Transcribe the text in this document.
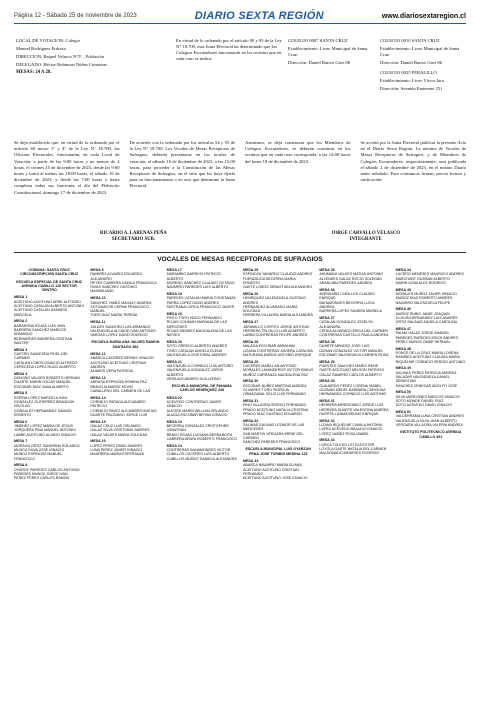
Página 12 - Sábado 25 de noviembre de 2023	DIARIO SEXTA REGIÓN	www.diariosextaregion.cl

LOCAL DE VOTACION: Colegio

Manuel Rodríguez Erdoiza

DIRECCION: Raquel Velasco N°5° , Población

DELEGADO: Héctor Robinson Núñez Contreras.

MESAS: 24 A 28.

En virtud de lo ordenado por el artículo 90 y 95 de la Ley N° 18.700, esta Junta Electoral ha determinado que los Colegios Escrutadores funcionarán en los recintos que en cada caso se indica:

COLEGIO 0007 SANTA CRUZ

Establecimiento: Liceo Municipal de Santa Cruz.

Dirección: Daniel Barros Grez 86

COLEGIO 0010 SANTA CRUZ

Establecimiento: Liceo Municipal de Santa Cruz.

Dirección: Daniel Barros Grez 86

COLEGIO 0025 PERALILLO

Establecimiento: Liceo Víctor Jara.

Dirección: Avenida Eminente 251

Se deja establecido que, en virtud de lo ordenado por el artículo 60 inciso 1° y 4° de la Ley N° 18.700, las Oficinas Electorales, funcionarán, en cada Local de Votación, a partir de las 9:00 horas y no menos de 4 horas, el viernes 15 de diciembre de 2023, desde las 9:00 horas y hasta al menos las 18:00 horas, el sábado 16 de diciembre de 2023, y desde las 7:00 horas y hasta completar todas sus funciones el día del Plebiscito Constitucional, domingo 17 de diciembre de 2023.

De acuerdo con lo ordenado por los artículos 54 y 55 de la Ley N° 18.700, Los Vocales de Mesas Receptoras de Sufragios, deberán presentarse en los locales de votación, el sábado 16 de diciembre de 2023, a las 15:00 horas, para proceder a la Constitución de las Mesas Receptoras de Sufragios, en el sitio que les haya fijado para su funcionamiento o en otro que determine la Junta Electoral.

Asimismo, se deja constancia que los Miembros de Colegios Escrutadores, se deberán constituir en los recintos que en cada caso corresponda, a las 14:00 horas del lunes 18 de diciembre de 2023.

Se acordó por la Junta Electoral publicar la presente Acta en el Diario Sexta Región. La nómina de Vocales de Mesas Receptoras de Sufragios, y de Miembros de Colegios Escrutadores, respectivamente, será publicada el sábado 2 de diciembre de 2023, en el mismo Diario antes señalado. Para constancia firman, previa lectura y ratificación:

RICARDO A. LARENAS PEÑA
SECRETARIO SUB.
JORGE CARVALLO VELASCO
INTEGRANTE
VOCALES DE MESAS RECEPTORAS DE SUFRAGIOS
COMUNA: SANTA CRUZ
CIRCUNSCRIPCIÓN SANTA CRUZ
ESCUELA ESPECIAL DE SANTA CRUZ AVENIDA CABILLO 118 SECTOR CENTRO
MESA 1
ACEITUNO ACEITUNO ARIEL ALFONSO
ACEITUNO CATALAN ALBERTO ANTONIO
ACEITUNO CATALAN DAMARIS MARCELA
MESA 2
BARAHONA ROJAS LUIS IVAN
BARRERA SANCHEZ MARCOS ARMANDO
BERNARDES BARRERA CRISTIAN WALTER
MESA 3
CASTRO SAAVEDRA FIDEL DEL CARMEN
CATALAN LOBOS IGNACIO ALFREDO
CERECEDA LOPEZ HUGO ALBERTO
MESA 4
DONOSO VALDES ROBERTO HERNAN
DUARTE MARIN OSCAR MANUEL
ESCOBAR DIAZ JUAN ALBERTO
MESA 5
ESPINA LOPEZ MARCELA IVAN
GONZALEZ GUTIERREZ BRANDON NICOLAS
GONZALEZ HERNANDEZ SAMUEL ERNESTO
MESA 6
JIMENEZ LOPEZ MARIA DE JESUS
JORQUERA PINA MANUEL ANTONIO
LABBE ACEITUNO ALVARO IGNACIO
MESA 7
MORAGA ORTIZ SANDRINA ROLANDO
MUJICA SILVA JOSE IGNACIO
MUNOZ ESPINOSA MANUEL FRANCISCO
MESA 8
OYARCE PAREDES CARLOS ANTONIO
PAREDES MUNOZ JORGE IVAN
PEREZ PEREZ CARLOS RAMON
MESA 9
RAMIREZ ALVAREZ EDUARDO ALEJANDRO
REYES CABRERA CAMILA FRANCISCA
RIVAS SANCHEZ GUSTAVO MAXIMILIANO
MESA 10
SANCHEZ YANEZ MAGALY ANDREA
SOTOMAYOR CERNA FRANCISCO MANUEL
TORO DIAZ MARIA TERESA
MESA 11
VALDES SANCHEZ LUIS ARMANDO
VALENZUELA ALCAIDE IVAN ANTONIO
VARGAS LOPEZ DAVID RODRIGO
ESCUELA MARIA ANA VALDES RAMON SANTIAGO 881
MESA 12
ABARCA CACERES BERNIS IGNACIO
ACEITUNO ACEITUNO CRISTIAN ANDRES
ALAMOS VERA PATRICIA
MESA 13
ARRASA ESPINOZA ROMINA PAZ
BRAVO ALMARCE KEVIN
CABALLERO DEL CARMEN DE LAS
MESA 14
CORNEJO PARADA ALEJANDRO PATRICIO
CORNEJO PAVEZ ALEJANDRO MATIAS
DUARTE PALOMINO JORGE LUIS
MESA 15
GALAZ CRUZ LUIS ORLANDO
GALAZ SILVA CRISTOBAL ANDRES
GALAZ VALDES MARIA SOLEDAD
MESA 16
LOPEZ PEREZ FABIO ANDRES
LUNA PEREZ JAVIER IGNACIO
MAUREIRA MARIA ESPERANZA
MESA 17
MARAMBIO BARRIOS PATRICIO ALBERTO
MORENO SANCHEZ CLAUDIO OCTAVIO
NAVARRO PAREDES LUIS ALBERTO
MESA 18
PAREDES CATALAN MARIA CONSTANZA
PARRA LOPEZ DAVID ANDRES
PASTRANA LORCA FRANCISCO JAVIER
MESA 19
PINTO TORO HUGO FERNANDO
ROJAS COLIMAN MARIANA DE LAS MERCEDES
ROJAS MENDEZ MAGDALENA DE LAS NIEVES
MESA 20
SOTO ORREGO ALBERTO ANDRES
TORO CATALAN ANGELA ELENA
VALENZUELA CRISTOBAL ANDRES
MESA 21
VALENZUELA CORNEJO LUIS ARTURO
VALENZUELA GONZALEZ JORGE ALBERTO
VERA ALEJANDRO GUILLERMO
ESCUELA MUNICIPAL DE PANAMA CARLOS HENRIQUEZ 435
MESA 22
ACEVEDO CONTRERAS JAVIER IGNACIO
ALEGRE MARIN WILLIAM ORLANDO
ALIAGA ESCOBAR BRYAN IGNACIO
MESA 23
BECERRA GONZALEZ CRISTOPHER JONATHAN
BRAVO ROJAS LUCIANA BERNARDITA
CABRERA ARAYA ROBERTO FRANCISCO
MESA 24
CONTRERAS BAHAMONDES VICTOR
CUBILLOS CACERES LUIS ALBERTO
CUBILLOS MUÑOZ DANIELA ALEJANDRA
MESA 25
ESPINOZA YANARDO CLAUDIO ANDRES
FUENZALIDA BECERRA MARIA ERNESTO
GAETE LOBOS SEBASTIAN ALEJANDRO
MESA 26
HENRIQUEZ VALENZUELA GUSTAVO ANDRES
HERNANDEZ ALVARADO MARIA SOLEDAD
HERRERA VILLAGRA MARIA ALEJANDRA
MESA 27
JARAMILLO CORTES JORGE ANTONIO
HERRERA TRUJILLO LUIS ALBERTO
LABRA CONTRERAS FELIPE ANDRES
MESA 28
MALAGA ESCOBAR ABRAHAM
LIZAMA CONTRERAS JAVIERA CATALINA
MATURANA MUÑOZ ANTONIO ENRIQUE
MESA 29
CACERES MARILLAN ANTONIO
MORALES LAVANDEROS VICTOR EMILIO
MUÑOZ CARRANZA MAGDALENA PAZ
MESA 30
ESCOBAR NUÑEZ MARTINA ANDREA
OLIVARES TORO PATRICIA
ORMAZABAL VELIZ LUIS FERNANDO
MESA 31
PINO VILLAGRA SERGIO FERNANDO
PRADO ACEITUNO NATALIA CRISTINA
PRADO DIAZ GUSTAVO EDUARDO
MESA 32
SALINAS SALINAS LEONOR DE LAS MERCEDES
SAN MARTIN VERGARA IRENE DEL CARMEN
SANCHEZ PAREDES FRANCISCO
ESCUELA MUNICIPAL LUIS OYARZUN PENA JOSE TORIBIO MEDINA 125
MESA 34
ABARCA NAVARRO MARIA ELIANA
ACEITUNO ACEITUNO CRISTIAN FERNANDO
ACEITUNO ACEITUNO JOSE IGNACIO
MESA 35
AHUMADA VALDES MATIAS ANTONIO
ALLENDES GALAZ ROCIO SOLEDAD
ARANCIBIA PAREDES ANDREA
MESA 36
AVENDAÑO CUBILLOS CLAUDIO ENRIQUE
BAHAMONDES BECERRA LUCIA ANDREA
BARRERA LOPEZ SANDRA MARIELA
MESA 37
CATALAN GONZALEZ JOSELYN ALEJANDRA
CERDA ALVARADO ERICA DEL CARMEN
CONTRERAS CASTILLO PAULA ANDREA
MESA 38
DUARTE MENDEZ JOSE LUIS
DURAN GONZALEZ VICTOR MANUEL
ESCOBAR VALENZUELA CARMEN ROSA
MESA 39
FUENTES SANCHEZ MARIO RENE
GAETE ACEITUNO NELSON PATRICIO
GALAZ RAMIREZ CARLOS ALBERTO
MESA 40
GUAJARDO PEREZ LORENA ISABEL
GUZMAN MEDEL BARBARA CAROLINA
HERNANDEZ CORNEJO LUIS ANTONIO
MESA 41
HERRERA ARREDONDO JORGE LUIS
HERRERA DUARTE VALENTINA ANDREA
HUERTA LIZAMA BRUNO ENRIQUE
MESA 42
LIZANA RIQUELME CAMILA ANTONIA
LOPEZ ACEVEDO BRAULIO IGNACIO
LOPEZ NUÑEZ ROSA ISABEL
MESA 43
LORCA TOLEDO LETICIA ESTER
LOYOLA GAETE NATALIA DEL CARMEN
MALDONADO MENESES RODRIGO
MESA 44
LUCERO MENESES MAURICIO ANDRES
MARCHANT GUZMAN ALBERTO
MARIN GONZALEZ RODRIGO
MESA 45
MORALES MUÑOZ JAVIER IGNACIO
MUÑOZ DIAZ ROBERTO ANDRES
NAVARRO VALENZUELA FELIPE
MESA 46
MUÑOZ RUBIO JAIME JOAQUIN
OLGUIN HERNANDEZ LUIS ANDRES
ORTIZ SALINAS ANGELA CAROLINA
MESA 47
PALMA GALAZ JORGE MANUEL
PAREDES PAREDES ERICK ANDRES
PEREZ MUNOZ OMAR HERNAN
MESA 48
PONCE DE LA CRUZ MARIA LORENA
RAMIREZ ACEITUNO CLAUDIA MARIA
RIQUELME CORNEJO SERGIO ANTONIO
MESA 49
SALINAS PEREZ PATRICIA ANDREA
SALAZAR VALENZUELA DANIEL SEBASTIAN
SANCHEZ VENEGAS ADOLFO JOSE
MESA 50
SILVA MARDONES MARCOS IGNACIO
SOTO MONDE DANIEL RUIZ
SOTO ACEVEDO DAVID IGNACIO
MESA 51
VALDERRAMA LUNA CRISTIAN ANDRES
VALENZUELA SILVA JUAN ALBERTO
VERGARA VILLAGRA VALERIA ANDREA
INSTITUTO POLITECNICO AVENIDA CABILLO 451
